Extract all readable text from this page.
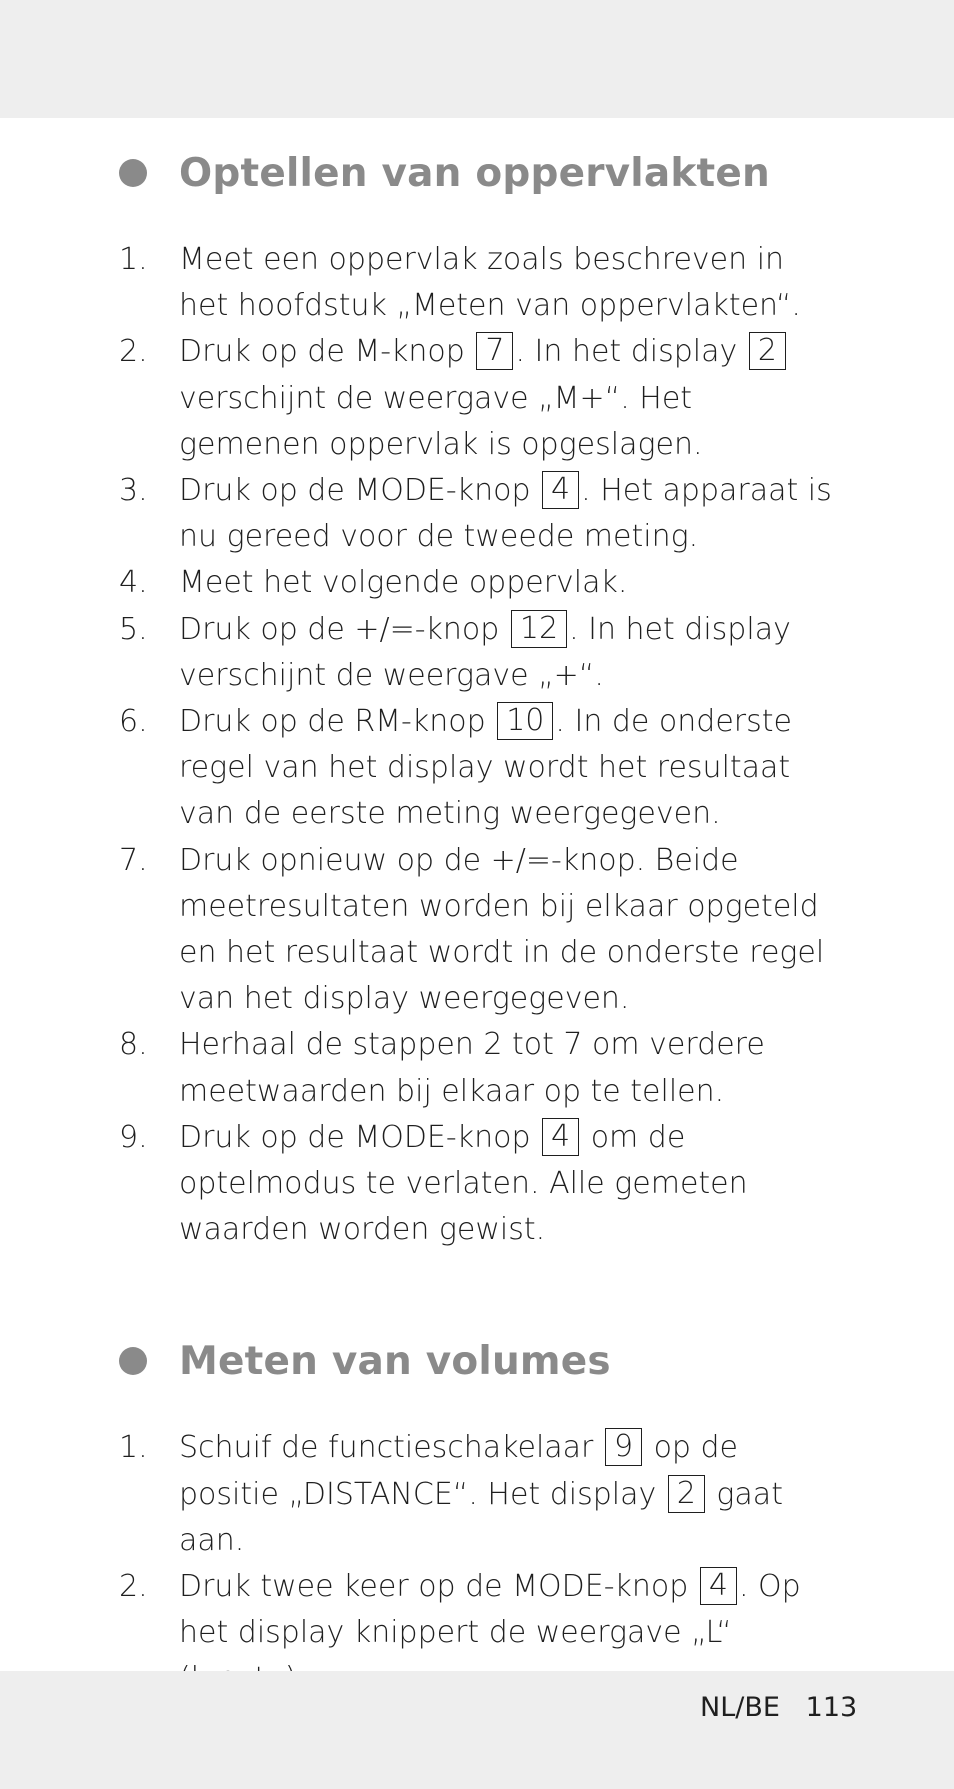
Optellen van oppervlakten
1. Meet een oppervlak zoals beschreven in het hoofdstuk „Meten van oppervlakten“.
2. Druk op de M-knop 7 . In het display 2 verschijnt de weergave „M+“. Het gemenen oppervlak is opgeslagen.
3. Druk op de MODE-knop 4 . Het apparaat is nu gereed voor de tweede meting.
4. Meet het volgende oppervlak.
5. Druk op de +/=-knop 12 . In het display verschijnt de weergave „+“.
6. Druk op de RM-knop 10 . In de onderste regel van het display wordt het resultaat van de eerste meting weergegeven.
7. Druk opnieuw op de +/=-knop. Beide meetresultaten worden bij elkaar opgeteld en het resultaat wordt in de onderste regel van het display weergegeven.
8. Herhaal de stappen 2 tot 7 om verdere meetwaarden bij elkaar op te tellen.
9. Druk op de MODE-knop 4 om de optelmodus te verlaten. Alle gemeten waarden worden gewist.
Meten van volumes
1. Schuif de functieschakelaar 9 op de positie „DISTANCE“. Het display 2 gaat aan.
2. Druk twee keer op de MODE-knop 4 . Op het display knippert de weergave „L“
NL/BE 113
